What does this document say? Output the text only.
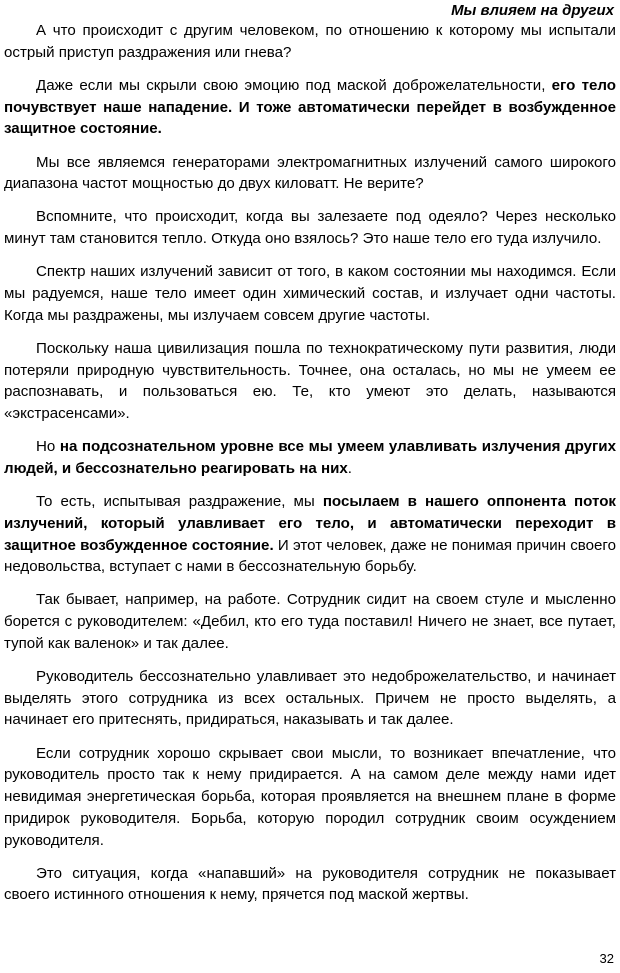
Мы влияем на других

А что происходит с другим человеком, по отношению к которому мы испытали острый приступ раздражения или гнева?

Даже если мы скрыли свою эмоцию под маской доброжелательности, его тело почувствует наше нападение. И тоже автоматически перейдет в возбужденное защитное состояние.

Мы все являемся генераторами электромагнитных излучений самого широкого диапазона частот мощностью до двух киловатт. Не верите?

Вспомните, что происходит, когда вы залезаете под одеяло? Через несколько минут там становится тепло. Откуда оно взялось? Это наше тело его туда излучило.

Спектр наших излучений зависит от того, в каком состоянии мы находимся. Если мы радуемся, наше тело имеет один химический состав, и излучает одни частоты. Когда мы раздражены, мы излучаем совсем другие частоты.

Поскольку наша цивилизация пошла по технократическому пути развития, люди потеряли природную чувствительность. Точнее, она осталась, но мы не умеем ее распознавать, и пользоваться ею. Те, кто умеют это делать, называются «экстрасенсами».

Но на подсознательном уровне все мы умеем улавливать излучения других людей, и бессознательно реагировать на них.

То есть, испытывая раздражение, мы посылаем в нашего оппонента поток излучений, который улавливает его тело, и автоматически переходит в защитное возбужденное состояние. И этот человек, даже не понимая причин своего недовольства, вступает с нами в бессознательную борьбу.

Так бывает, например, на работе. Сотрудник сидит на своем стуле и мысленно борется с руководителем: «Дебил, кто его туда поставил! Ничего не знает, все путает, тупой как валенок» и так далее.

Руководитель бессознательно улавливает это недоброжелательство, и начинает выделять этого сотрудника из всех остальных. Причем не просто выделять, а начинает его притеснять, придираться, наказывать и так далее.

Если сотрудник хорошо скрывает свои мысли, то возникает впечатление, что руководитель просто так к нему придирается. А на самом деле между нами идет невидимая энергетическая борьба, которая проявляется на внешнем плане в форме придирок руководителя. Борьба, которую породил сотрудник своим осуждением руководителя.

Это ситуация, когда «напавший» на руководителя сотрудник не показывает своего истинного отношения к нему, прячется под маской жертвы.

32
